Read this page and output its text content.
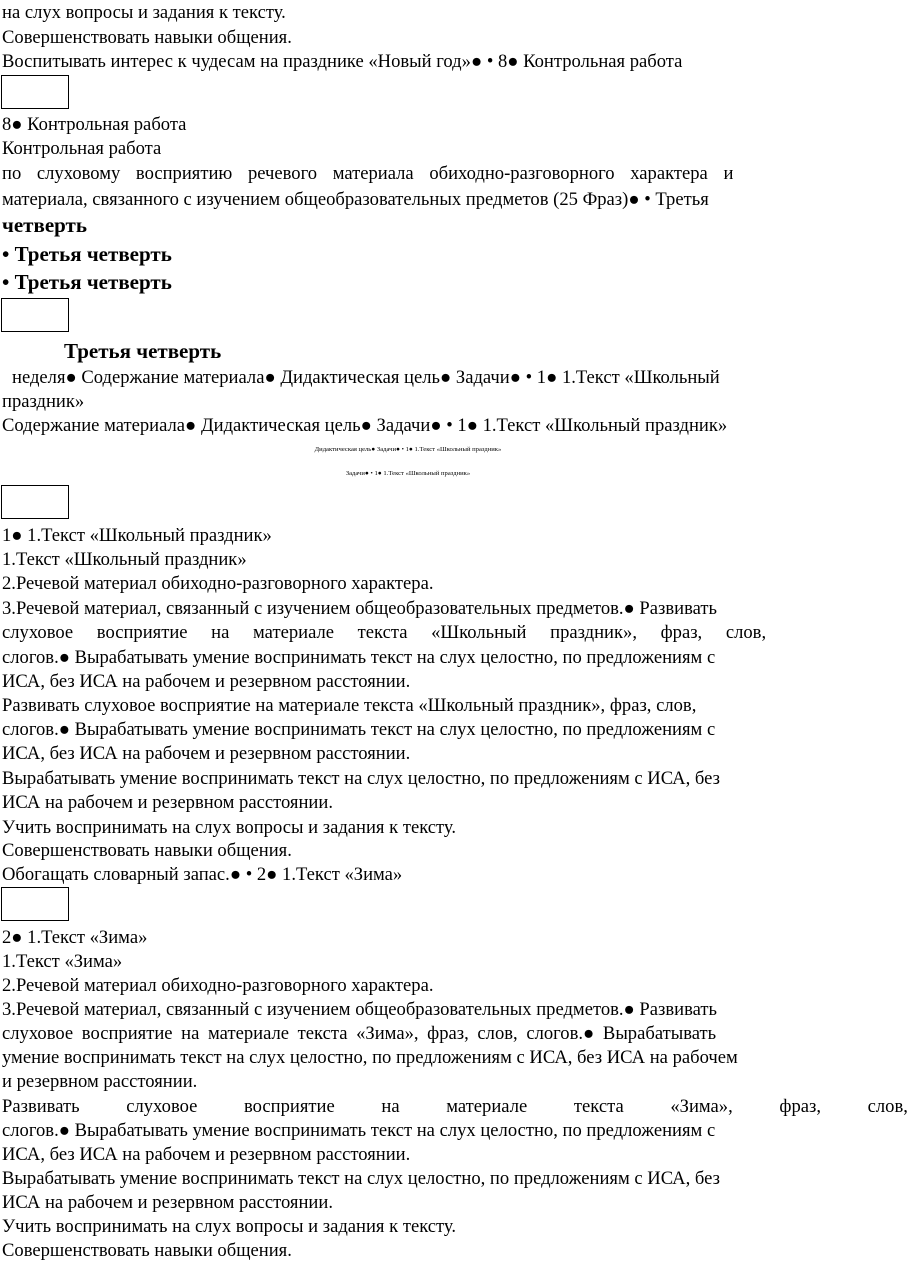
на слух вопросы и задания к тексту.
Совершенствовать навыки общения.
Воспитывать интерес к чудесам на празднике «Новый год»● • 8● Контрольная работа
8● Контрольная работа
Контрольная работа
по слуховому восприятию речевого материала обиходно-разговорного характера и
материала, связанного с изучением общеобразовательных предметов (25 Фраз)● • Третья
четверть
• Третья четверть
• Третья четверть
Третья четверть
неделя● Содержание материала● Дидактическая цель● Задачи● • 1● 1.Текст «Школьный
праздник»
Содержание материала● Дидактическая цель● Задачи● • 1● 1.Текст «Школьный праздник»
Дидактическая цель● Задачи● • 1● 1.Текст «Школьный праздник»
Задачи● • 1● 1.Текст «Школьный праздник»
1● 1.Текст «Школьный праздник»
1.Текст «Школьный праздник»
2.Речевой материал обиходно-разговорного характера.
3.Речевой материал, связанный с изучением общеобразовательных предметов.● Развивать
слуховое восприятие на материале текста «Школьный праздник», фраз, слов,
слогов.● Вырабатывать умение воспринимать текст на слух целостно, по предложениям с
ИСА, без ИСА на рабочем и резервном расстоянии.
Развивать слуховое восприятие на материале текста «Школьный праздник», фраз, слов,
слогов.● Вырабатывать умение воспринимать текст на слух целостно, по предложениям с
ИСА, без ИСА на рабочем и резервном расстоянии.
Вырабатывать умение воспринимать текст на слух целостно, по предложениям с ИСА, без
ИСА на рабочем и резервном расстоянии.
Учить воспринимать на слух вопросы и задания к тексту.
Совершенствовать навыки общения.
Обогащать словарный запас.● • 2● 1.Текст «Зима»
2● 1.Текст «Зима»
1.Текст «Зима»
2.Речевой материал обиходно-разговорного характера.
3.Речевой материал, связанный с изучением общеобразовательных предметов.● Развивать
слуховое восприятие на материале текста «Зима», фраз, слов, слогов.● Вырабатывать
умение воспринимать текст на слух целостно, по предложениям с ИСА, без ИСА на рабочем
и резервном расстоянии.
Развивать слуховое восприятие на материале текста «Зима», фраз, слов,
слогов.● Вырабатывать умение воспринимать текст на слух целостно, по предложениям с
ИСА, без ИСА на рабочем и резервном расстоянии.
Вырабатывать умение воспринимать текст на слух целостно, по предложениям с ИСА, без
ИСА на рабочем и резервном расстоянии.
Учить воспринимать на слух вопросы и задания к тексту.
Совершенствовать навыки общения.
